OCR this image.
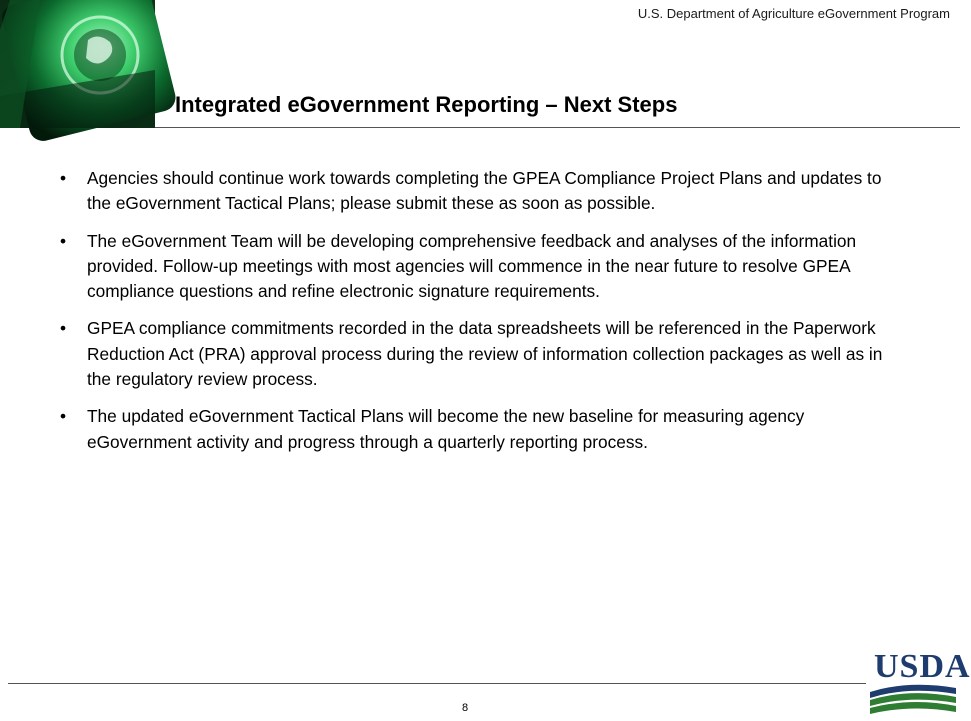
U.S. Department of Agriculture eGovernment Program
Integrated eGovernment Reporting – Next Steps
• Agencies should continue work towards completing the GPEA Compliance Project Plans and updates to the eGovernment Tactical Plans; please submit these as soon as possible.
• The eGovernment Team will be developing comprehensive feedback and analyses of the information provided. Follow-up meetings with most agencies will commence in the near future to resolve GPEA compliance questions and refine electronic signature requirements.
• GPEA compliance commitments recorded in the data spreadsheets will be referenced in the Paperwork Reduction Act (PRA) approval process during the review of information collection packages as well as in the regulatory review process.
• The updated eGovernment Tactical Plans will become the new baseline for measuring agency eGovernment activity and progress through a quarterly reporting process.
8
USDA
